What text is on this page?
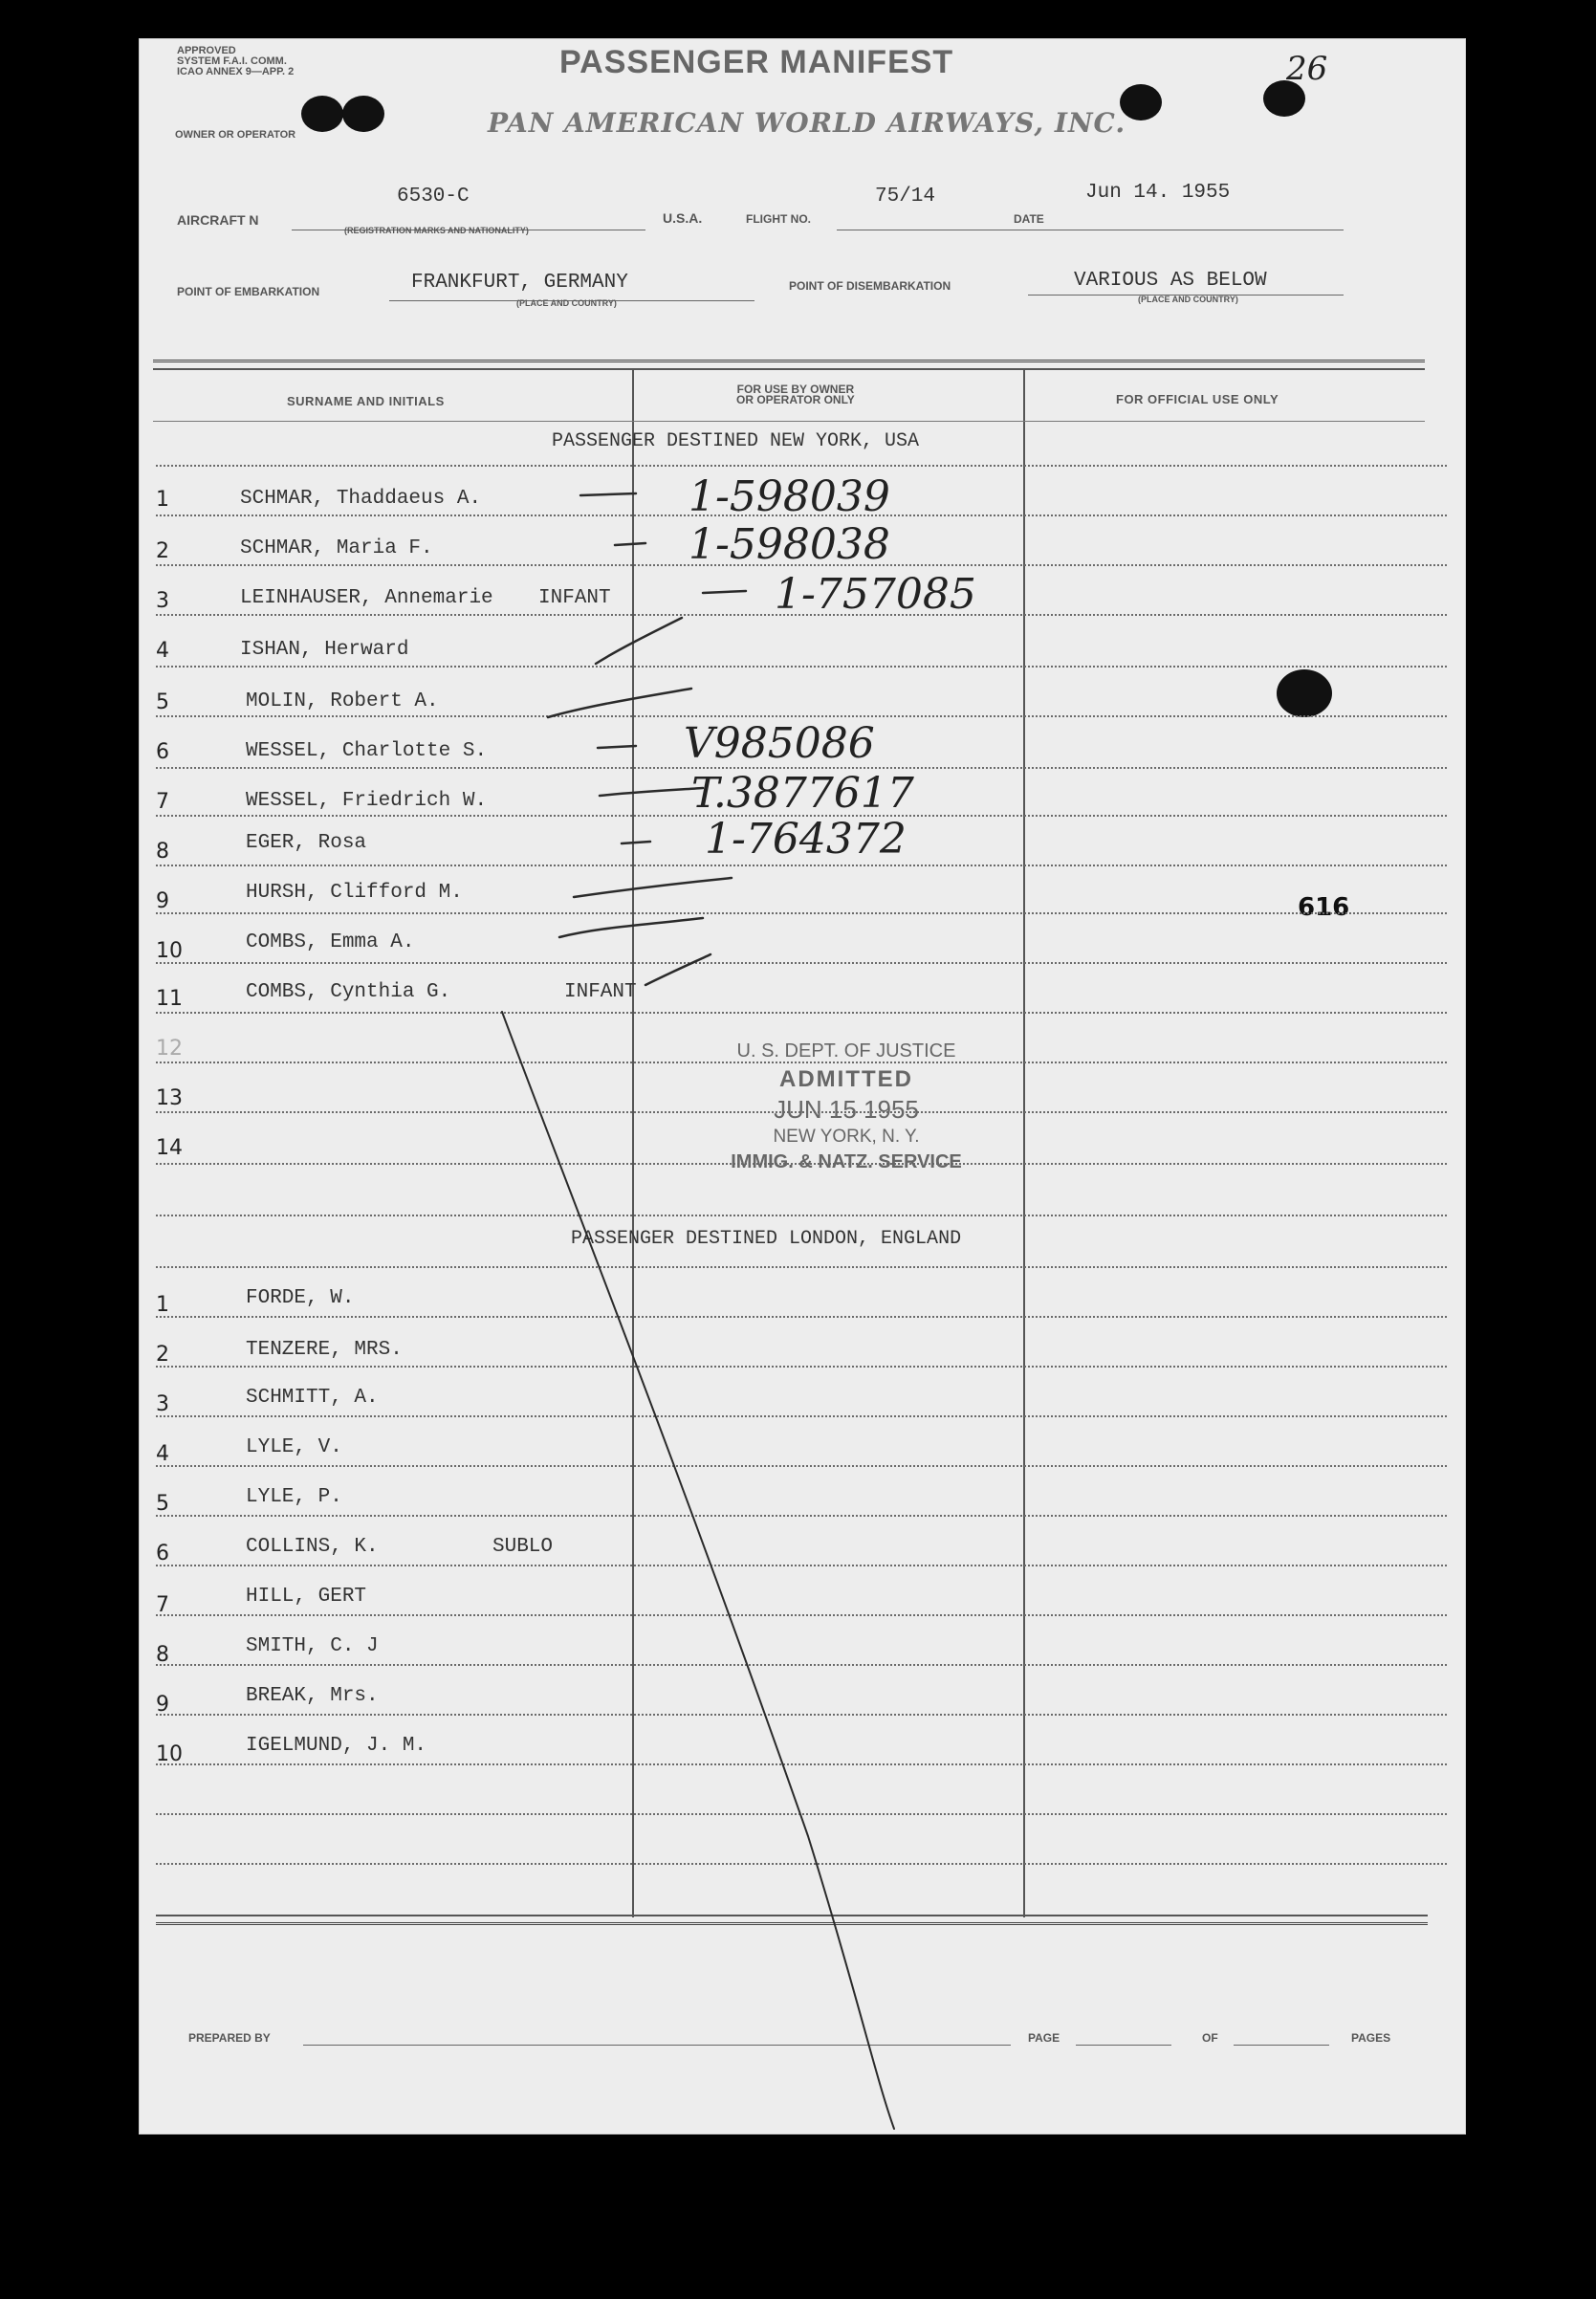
APPROVED
SYSTEM F.A.I. COMM.
ICAO ANNEX 9—APP. 2	PASSENGER MANIFEST
PAN AMERICAN WORLD AIRWAYS, INC.
26
OWNER OR OPERATOR
AIRCRAFT N
6530-C
(REGISTRATION MARKS AND NATIONALITY)
U.S.A.	FLIGHT NO.
75/14
DATE
Jun 14. 1955
POINT OF EMBARKATION	FRANKFURT, GERMANY
(PLACE AND COUNTRY)
POINT OF DISEMBARKATION	VARIOUS AS BELOW
(PLACE AND COUNTRY)
SURNAME AND INITIALS
FOR USE BY OWNER
OR OPERATOR ONLY	FOR OFFICIAL USE ONLY
PASSENGER DESTINED NEW YORK, USA
1	SCHMAR, Thaddaeus A.	1-598039
2	SCHMAR, Maria F.	1-598038
3	LEINHAUSER, Annemarie INFANT	1-757085
4	ISHAN, Herward
5	MOLIN, Robert A.
6	WESSEL, Charlotte S.	V985086
7	WESSEL, Friedrich W.	T.3877617
8	EGER, Rosa	1-764372
9	HURSH, Clifford M.
616
10	COMBS, Emma A.
11	COMBS, Cynthia G.	INFANT
12
13
14
U. S. DEPT. OF JUSTICE
ADMITTED
JUN 15 1955
NEW YORK, N. Y.
IMMIG. & NATZ. SERVICE
PASSENGER DESTINED LONDON, ENGLAND
1	FORDE, W.
2	TENZERE, MRS.
3	SCHMITT, A.
4	LYLE, V.
5	LYLE, P.
6	COLLINS, K.	SUBLO
7	HILL, GERT
8	SMITH, C. J
9	BREAK, Mrs.
10	IGELMUND, J. M.
PREPARED BY	PAGE	OF	PAGES
